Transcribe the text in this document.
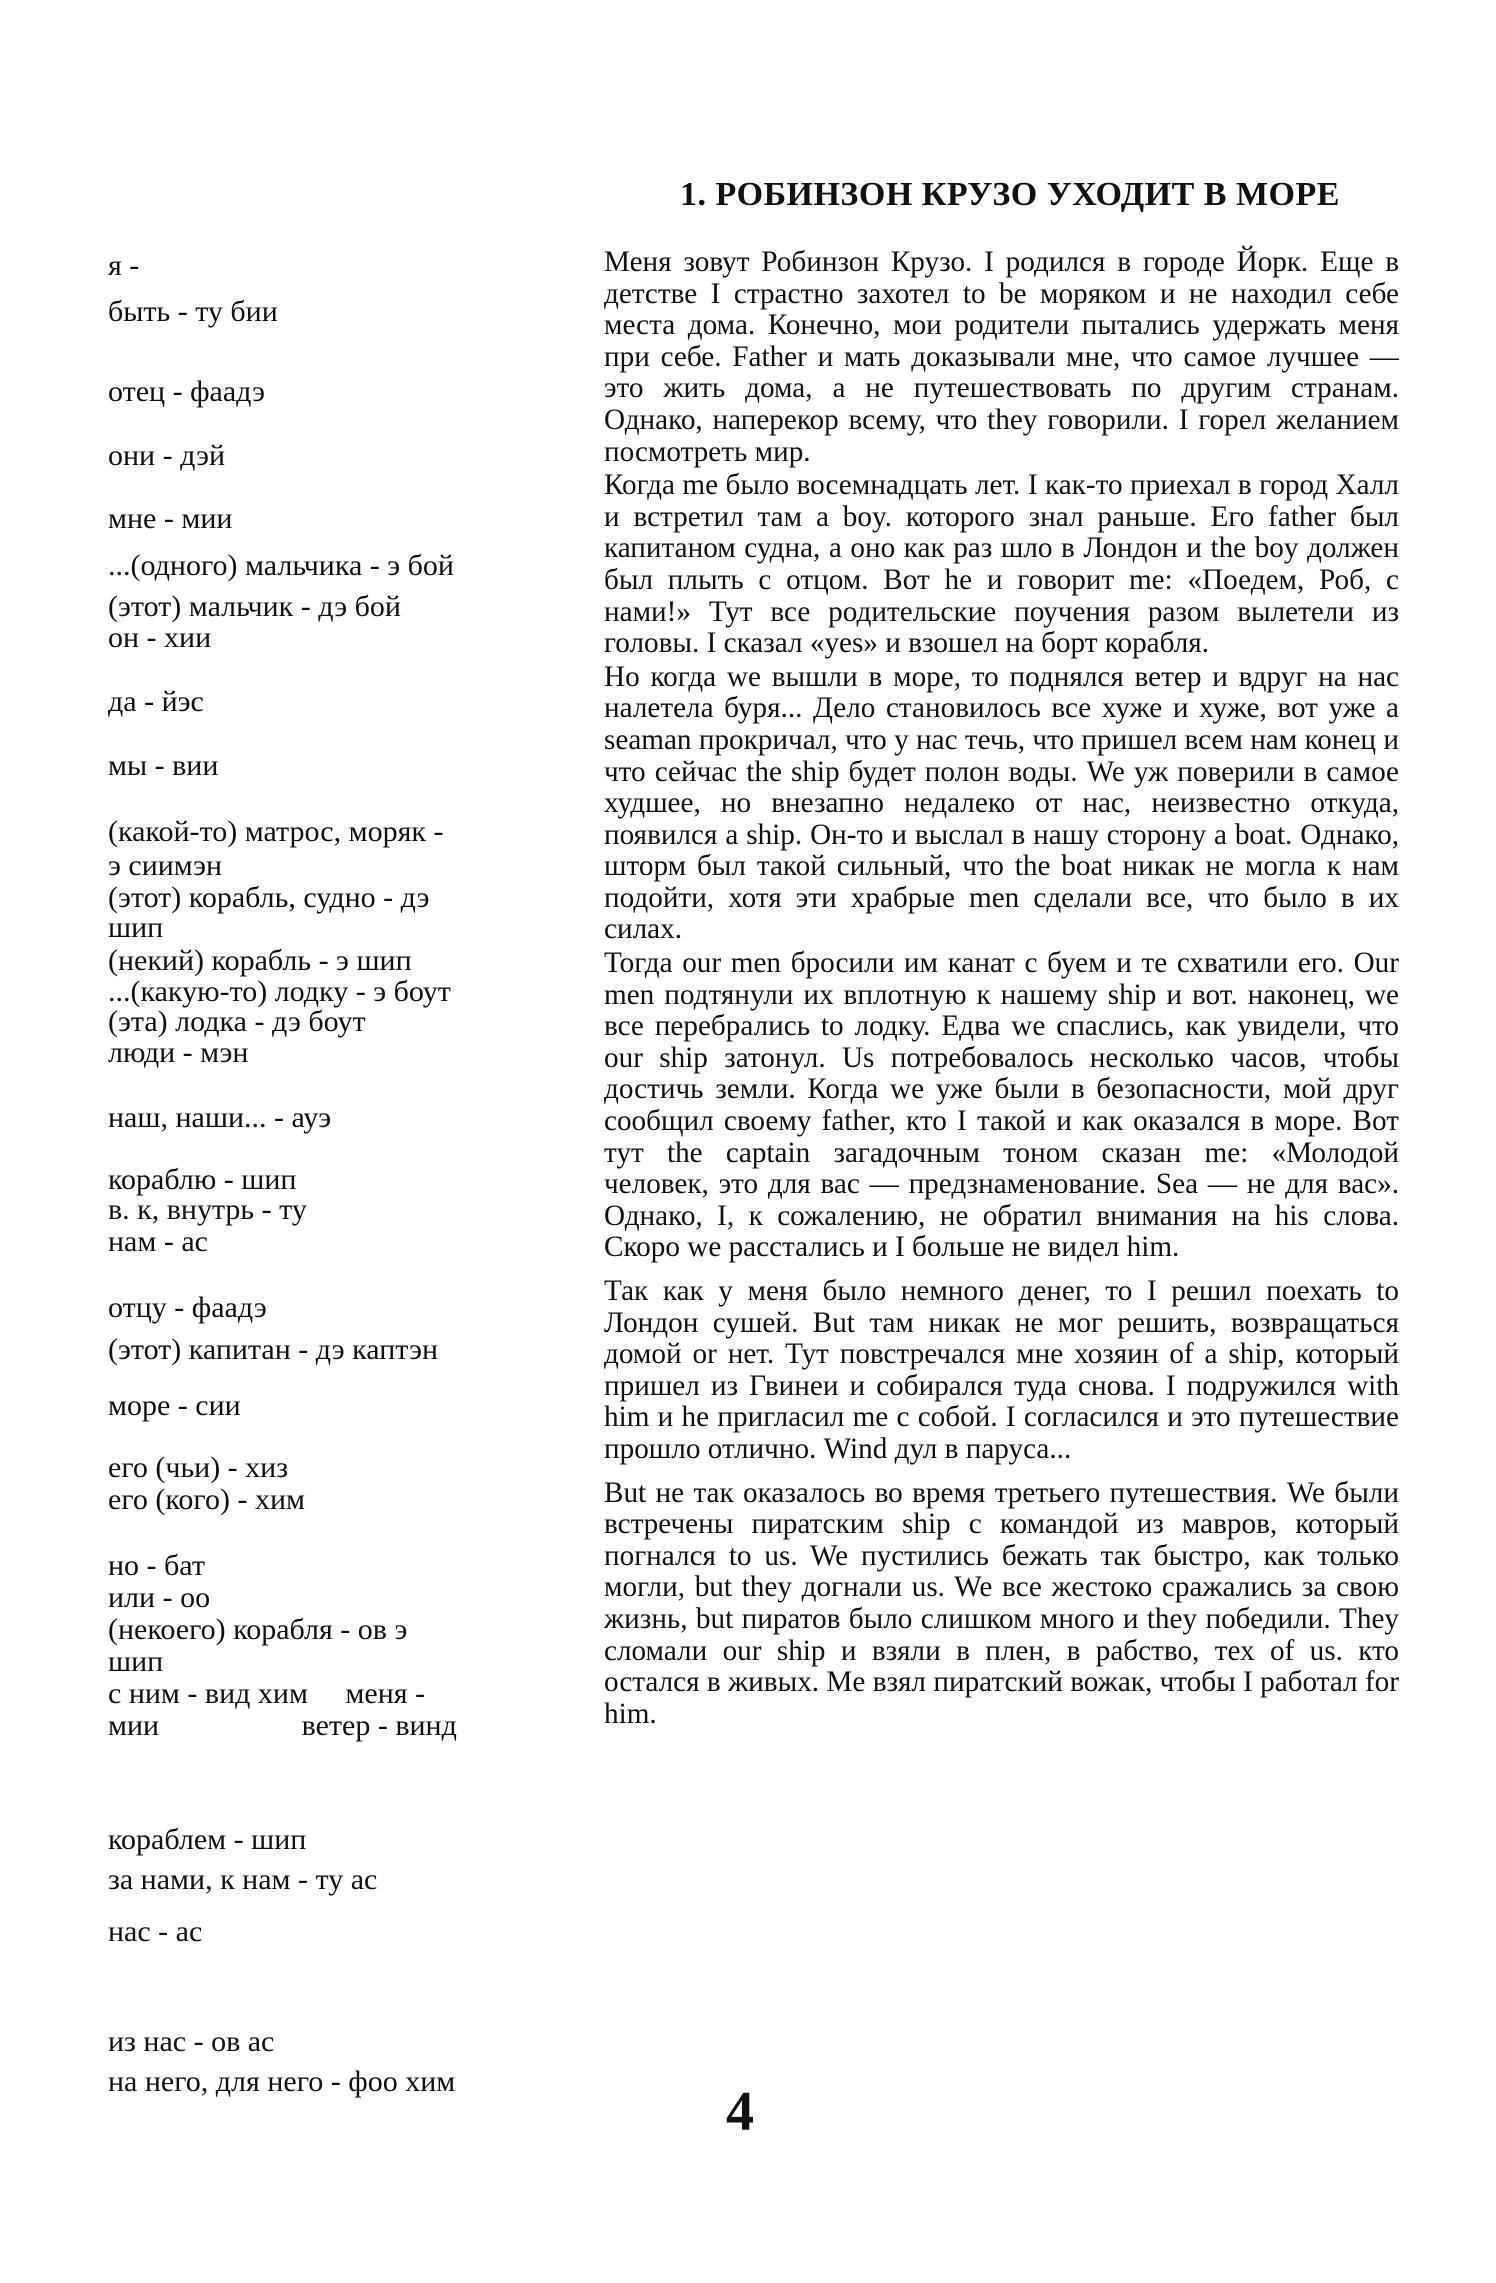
1. РОБИНЗОН КРУЗО УХОДИТ В МОРЕ
я -
быть - ту бии
отец - фаадэ
они - дэй
мне - мии
...(одного) мальчика - э бой
(этот) мальчик - дэ бой
он - хии
да - йэс
мы - вии
(какой-то) матрос, моряк -
э сиимэн
(этот) корабль, судно - дэ
шип
(некий) корабль - э шип
...(какую-то) лодку - э боут
(эта) лодка - дэ боут
люди - мэн
наш, наши... - ауэ
кораблю - шип
в. к, внутрь - ту
нам - ас
отцу - фаадэ
(этот) капитан - дэ каптэн
море - сии
его (чьи) - хиз
его (кого) - хим
но - бат
или - оо
(некоего) корабля - ов э
шип
с ним - вид хим     меня -
мии                   ветер - винд
кораблем - шип
за нами, к нам - ту ас
нас - ас
из нас - ов ас
на него, для него - фоо хим

Меня зовут Робинзон Крузо. I родился в городе Йорк. Еще в детстве I страстно захотел to be моряком и не находил себе места дома. Конечно, мои родители пытались удержать меня при себе. Father и мать доказывали мне, что самое лучшее — это жить дома, а не путешествовать по другим странам. Однако, наперекор всему, что they говорили. I горел желанием посмотреть мир.

Когда me было восемнадцать лет. I как-то приехал в город Халл и встретил там a boy. которого знал раньше. Его father был капитаном судна, а оно как раз шло в Лондон и the boy должен был плыть с отцом. Вот he и говорит me: «Поедем, Роб, с нами!» Тут все родительские поучения разом вылетели из головы. I сказал «yes» и взошел на борт корабля.

Но когда we вышли в море, то поднялся ветер и вдруг на нас налетела буря... Дело становилось все хуже и хуже, вот уже a seaman прокричал, что у нас течь, что пришел всем нам конец и что сейчас the ship будет полон воды. We уж поверили в самое худшее, но внезапно недалеко от нас, неизвестно откуда, появился a ship. Он-то и выслал в нашу сторону a boat. Однако, шторм был такой сильный, что the boat никак не могла к нам подойти, хотя эти храбрые men сделали все, что было в их силах.

Тогда our men бросили им канат с буем и те схватили его. Our men подтянули их вплотную к нашему ship и вот. наконец, we все перебрались to лодку. Едва we спаслись, как увидели, что our ship затонул. Us потребовалось несколько часов, чтобы достичь земли. Когда we уже были в безопасности, мой друг сообщил своему father, кто I такой и как оказался в море. Вот тут the captain загадочным тоном сказан me: «Молодой человек, это для вас — предзнаменование. Sea — не для вас». Однако, I, к сожалению, не обратил внимания на his слова. Скоро we расстались и I больше не видел him.

Так как у меня было немного денег, то I решил поехать to Лондон сушей. But там никак не мог решить, возвращаться домой or нет. Тут повстречался мне хозяин of a ship, который пришел из Гвинеи и собирался туда снова. I подружился with him и he пригласил me с собой. I согласился и это путешествие прошло отлично. Wind дул в паруса...

But не так оказалось во время третьего путешествия. We были встречены пиратским ship с командой из мавров, который погнался to us. We пустились бежать так быстро, как только могли, but they догнали us. We все жестоко сражались за свою жизнь, but пиратов было слишком много и they победили. They сломали our ship и взяли в плен, в рабство, тех of us. кто остался в живых. Me взял пиратский вожак, чтобы I работал for him.

4
